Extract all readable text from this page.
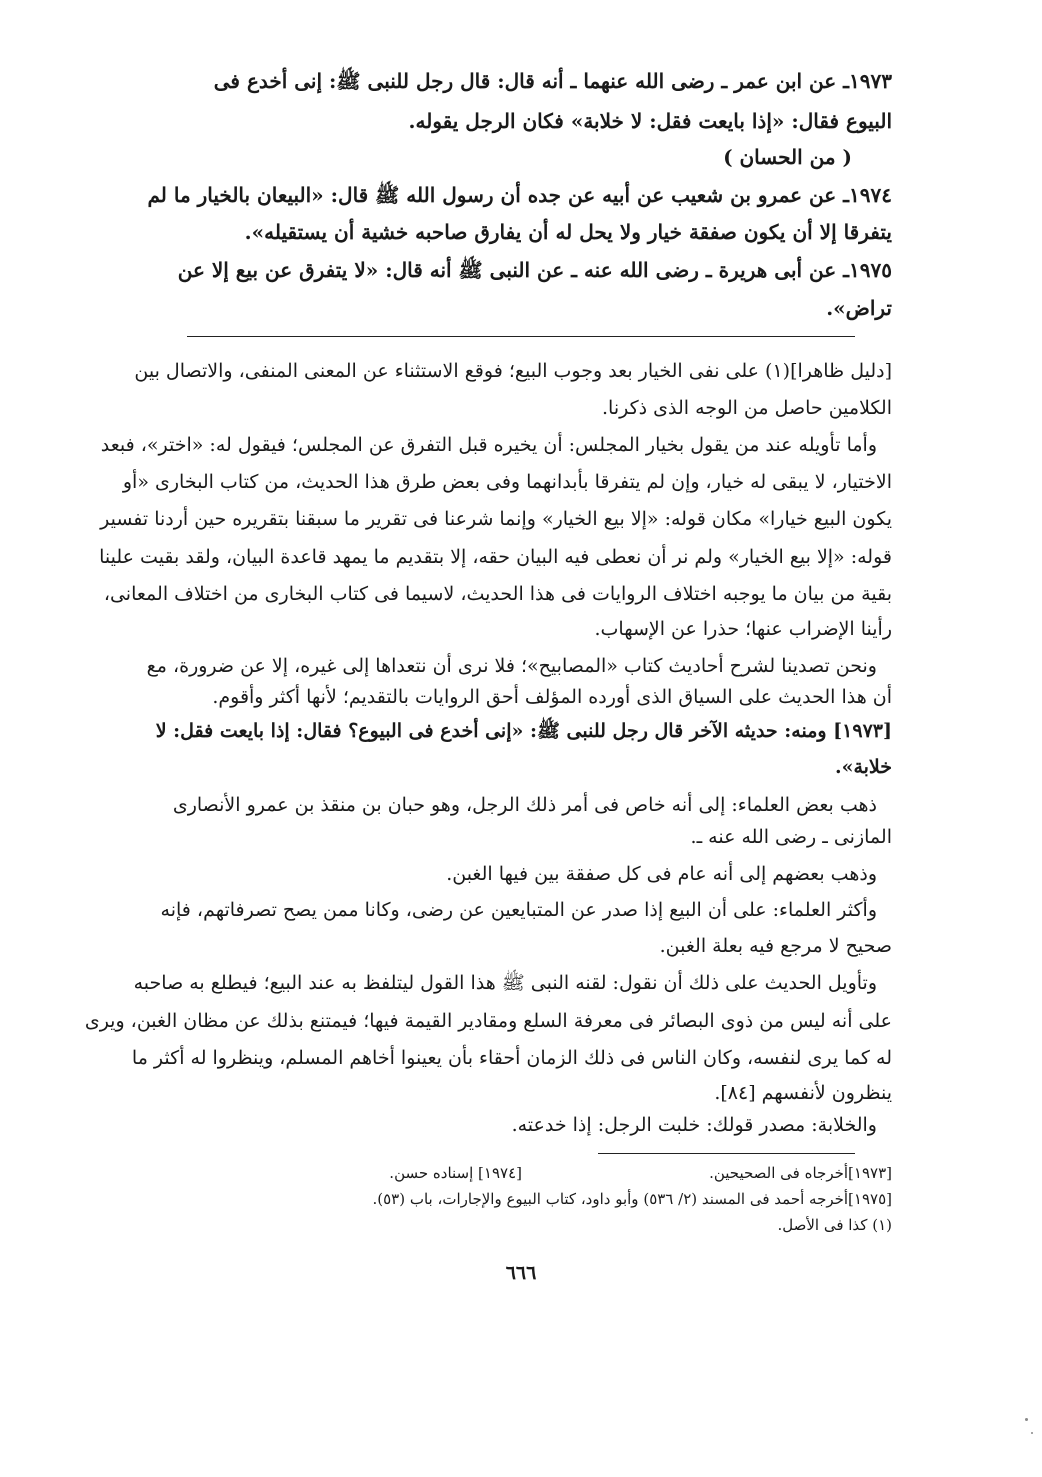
١٩٧٣ـ عن ابن عمر ـ رضى الله عنهما ـ أنه قال: قال رجل للنبى ﷺ: إنى أخدع فى
البيوع فقال: «إذا بايعت فقل: لا خلابة» فكان الرجل يقوله.
( من الحسان )
١٩٧٤ـ عن عمرو بن شعيب عن أبيه عن جده أن رسول الله ﷺ قال: «البيعان بالخيار ما لم
يتفرقا إلا أن يكون صفقة خيار ولا يحل له أن يفارق صاحبه خشية أن يستقيله».
١٩٧٥ـ عن أبى هريرة ـ رضى الله عنه ـ عن النبى ﷺ أنه قال: «لا يتفرق عن بيع إلا عن
تراض».
[دليل ظاهرا](١) على نفى الخيار بعد وجوب البيع؛ فوقع الاستثناء عن المعنى المنفى، والاتصال بين
الكلامين حاصل من الوجه الذى ذكرنا.
وأما تأويله عند من يقول بخيار المجلس: أن يخيره قبل التفرق عن المجلس؛ فيقول له: «اختر»، فبعد
الاختيار، لا يبقى له خيار، وإن لم يتفرقا بأبدانهما وفى بعض طرق هذا الحديث، من كتاب البخارى «أو
يكون البيع خيارا» مكان قوله: «إلا بيع الخيار» وإنما شرعنا فى تقرير ما سبقنا بتقريره حين أردنا تفسير
قوله: «إلا بيع الخيار» ولم نر أن نعطى فيه البيان حقه، إلا بتقديم ما يمهد قاعدة البيان، ولقد بقيت علينا
بقية من بيان ما يوجبه اختلاف الروايات فى هذا الحديث، لاسيما فى كتاب البخارى من اختلاف المعانى،
رأينا الإضراب عنها؛ حذرا عن الإسهاب.
ونحن تصدينا لشرح أحاديث كتاب «المصابيح»؛ فلا نرى أن نتعداها إلى غيره، إلا عن ضرورة، مع
أن هذا الحديث على السياق الذى أورده المؤلف أحق الروايات بالتقديم؛ لأنها أكثر وأقوم.
[١٩٧٣] ومنه: حديثه الآخر قال رجل للنبى ﷺ: «إنى أخدع فى البيوع؟ فقال: إذا بايعت فقل: لا
خلابة».
ذهب بعض العلماء: إلى أنه خاص فى أمر ذلك الرجل، وهو حبان بن منقذ بن عمرو الأنصارى
المازنى ـ رضى الله عنه ـ.
وذهب بعضهم إلى أنه عام فى كل صفقة بين فيها الغبن.
وأكثر العلماء: على أن البيع إذا صدر عن المتبايعين عن رضى، وكانا ممن يصح تصرفاتهم، فإنه
صحيح لا مرجع فيه بعلة الغبن.
وتأويل الحديث على ذلك أن نقول: لقنه النبى ﷺ هذا القول ليتلفظ به عند البيع؛ فيطلع به صاحبه
على أنه ليس من ذوى البصائر فى معرفة السلع ومقادير القيمة فيها؛ فيمتنع بذلك عن مظان الغبن، ويرى
له كما يرى لنفسه، وكان الناس فى ذلك الزمان أحقاء بأن يعينوا أخاهم المسلم، وينظروا له أكثر ما
ينظرون لأنفسهم [٨٤].
والخلابة: مصدر قولك: خلبت الرجل: إذا خدعته.
[١٩٧٣]أخرجاه فى الصحيحين.
[١٩٧٤] إسناده حسن.
[١٩٧٥]أخرجه أحمد فى المسند (٢/ ٥٣٦) وأبو داود، كتاب البيوع والإجارات، باب (٥٣).
(١) كذا فى الأصل.
٦٦٦
